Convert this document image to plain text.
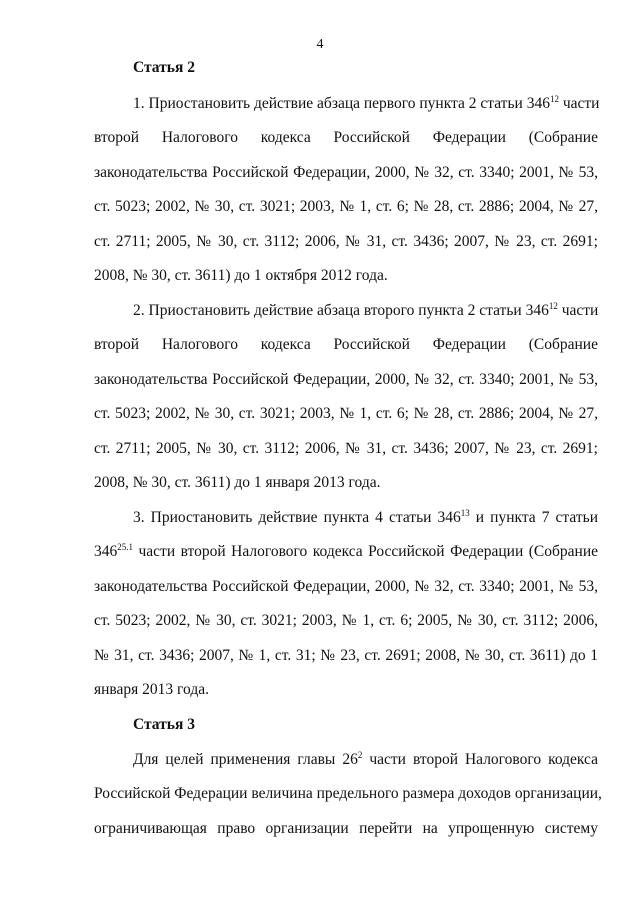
4
Статья 2
1. Приостановить действие абзаца первого пункта 2 статьи $346^{12}$ части
второй Налогового кодекса Российской Федерации (Собрание
законодательства Российской Федерации, 2000, № 32, ст. 3340; 2001, № 53,
ст. 5023; 2002, № 30, ст. 3021; 2003, № 1, ст. 6; № 28, ст. 2886; 2004, № 27,
ст. 2711; 2005, № 30, ст. 3112; 2006, № 31, ст. 3436; 2007, № 23, ст. 2691;
2008, № 30, ст. 3611) до 1 октября 2012 года.
2. Приостановить действие абзаца второго пункта 2 статьи $346^{12}$ части
второй Налогового кодекса Российской Федерации (Собрание
законодательства Российской Федерации, 2000, № 32, ст. 3340; 2001, № 53,
ст. 5023; 2002, № 30, ст. 3021; 2003, № 1, ст. 6; № 28, ст. 2886; 2004, № 27,
ст. 2711; 2005, № 30, ст. 3112; 2006, № 31, ст. 3436; 2007, № 23, ст. 2691;
2008, № 30, ст. 3611) до 1 января 2013 года.
3. Приостановить действие пункта 4 статьи $346^{13}$ и пункта 7 статьи
$346^{25.1}$ части второй Налогового кодекса Российской Федерации (Собрание
законодательства Российской Федерации, 2000, № 32, ст. 3340; 2001, № 53,
ст. 5023; 2002, № 30, ст. 3021; 2003, № 1, ст. 6; 2005, № 30, ст. 3112; 2006,
№ 31, ст. 3436; 2007, № 1, ст. 31; № 23, ст. 2691; 2008, № 30, ст. 3611) до 1
января 2013 года.
Статья 3
Для целей применения главы $26^2$ части второй Налогового кодекса
Российской Федерации величина предельного размера доходов организации,
ограничивающая право организации перейти на упрощенную систему
